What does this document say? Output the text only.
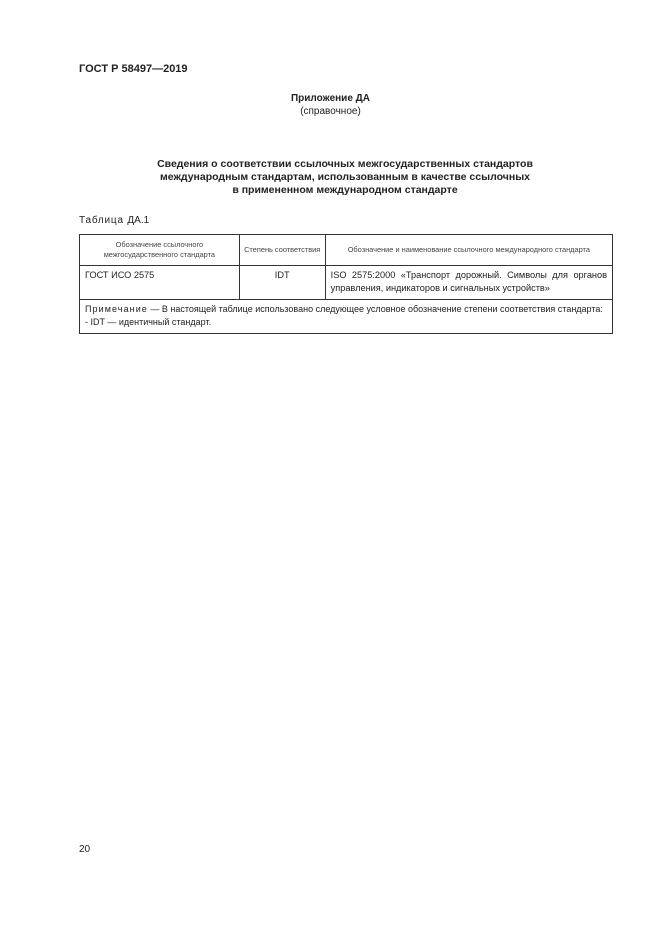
ГОСТ Р 58497—2019
Приложение ДА
(справочное)
Сведения о соответствии ссылочных межгосударственных стандартов
международным стандартам, использованным в качестве ссылочных
в примененном международном стандарте
Таблица ДА.1
Обозначение ссылочного межгосударственного стандарта	Степень соответствия	Обозначение и наименование ссылочного международного стандарта
ГОСТ ИСО 2575	IDT	ISO 2575:2000 «Транспорт дорожный. Символы для органов управления, индикаторов и сигнальных устройств»
Примечание — В настоящей таблице использовано следующее условное обозначение степени соответствия стандарта:
- IDT — идентичный стандарт.		
20
